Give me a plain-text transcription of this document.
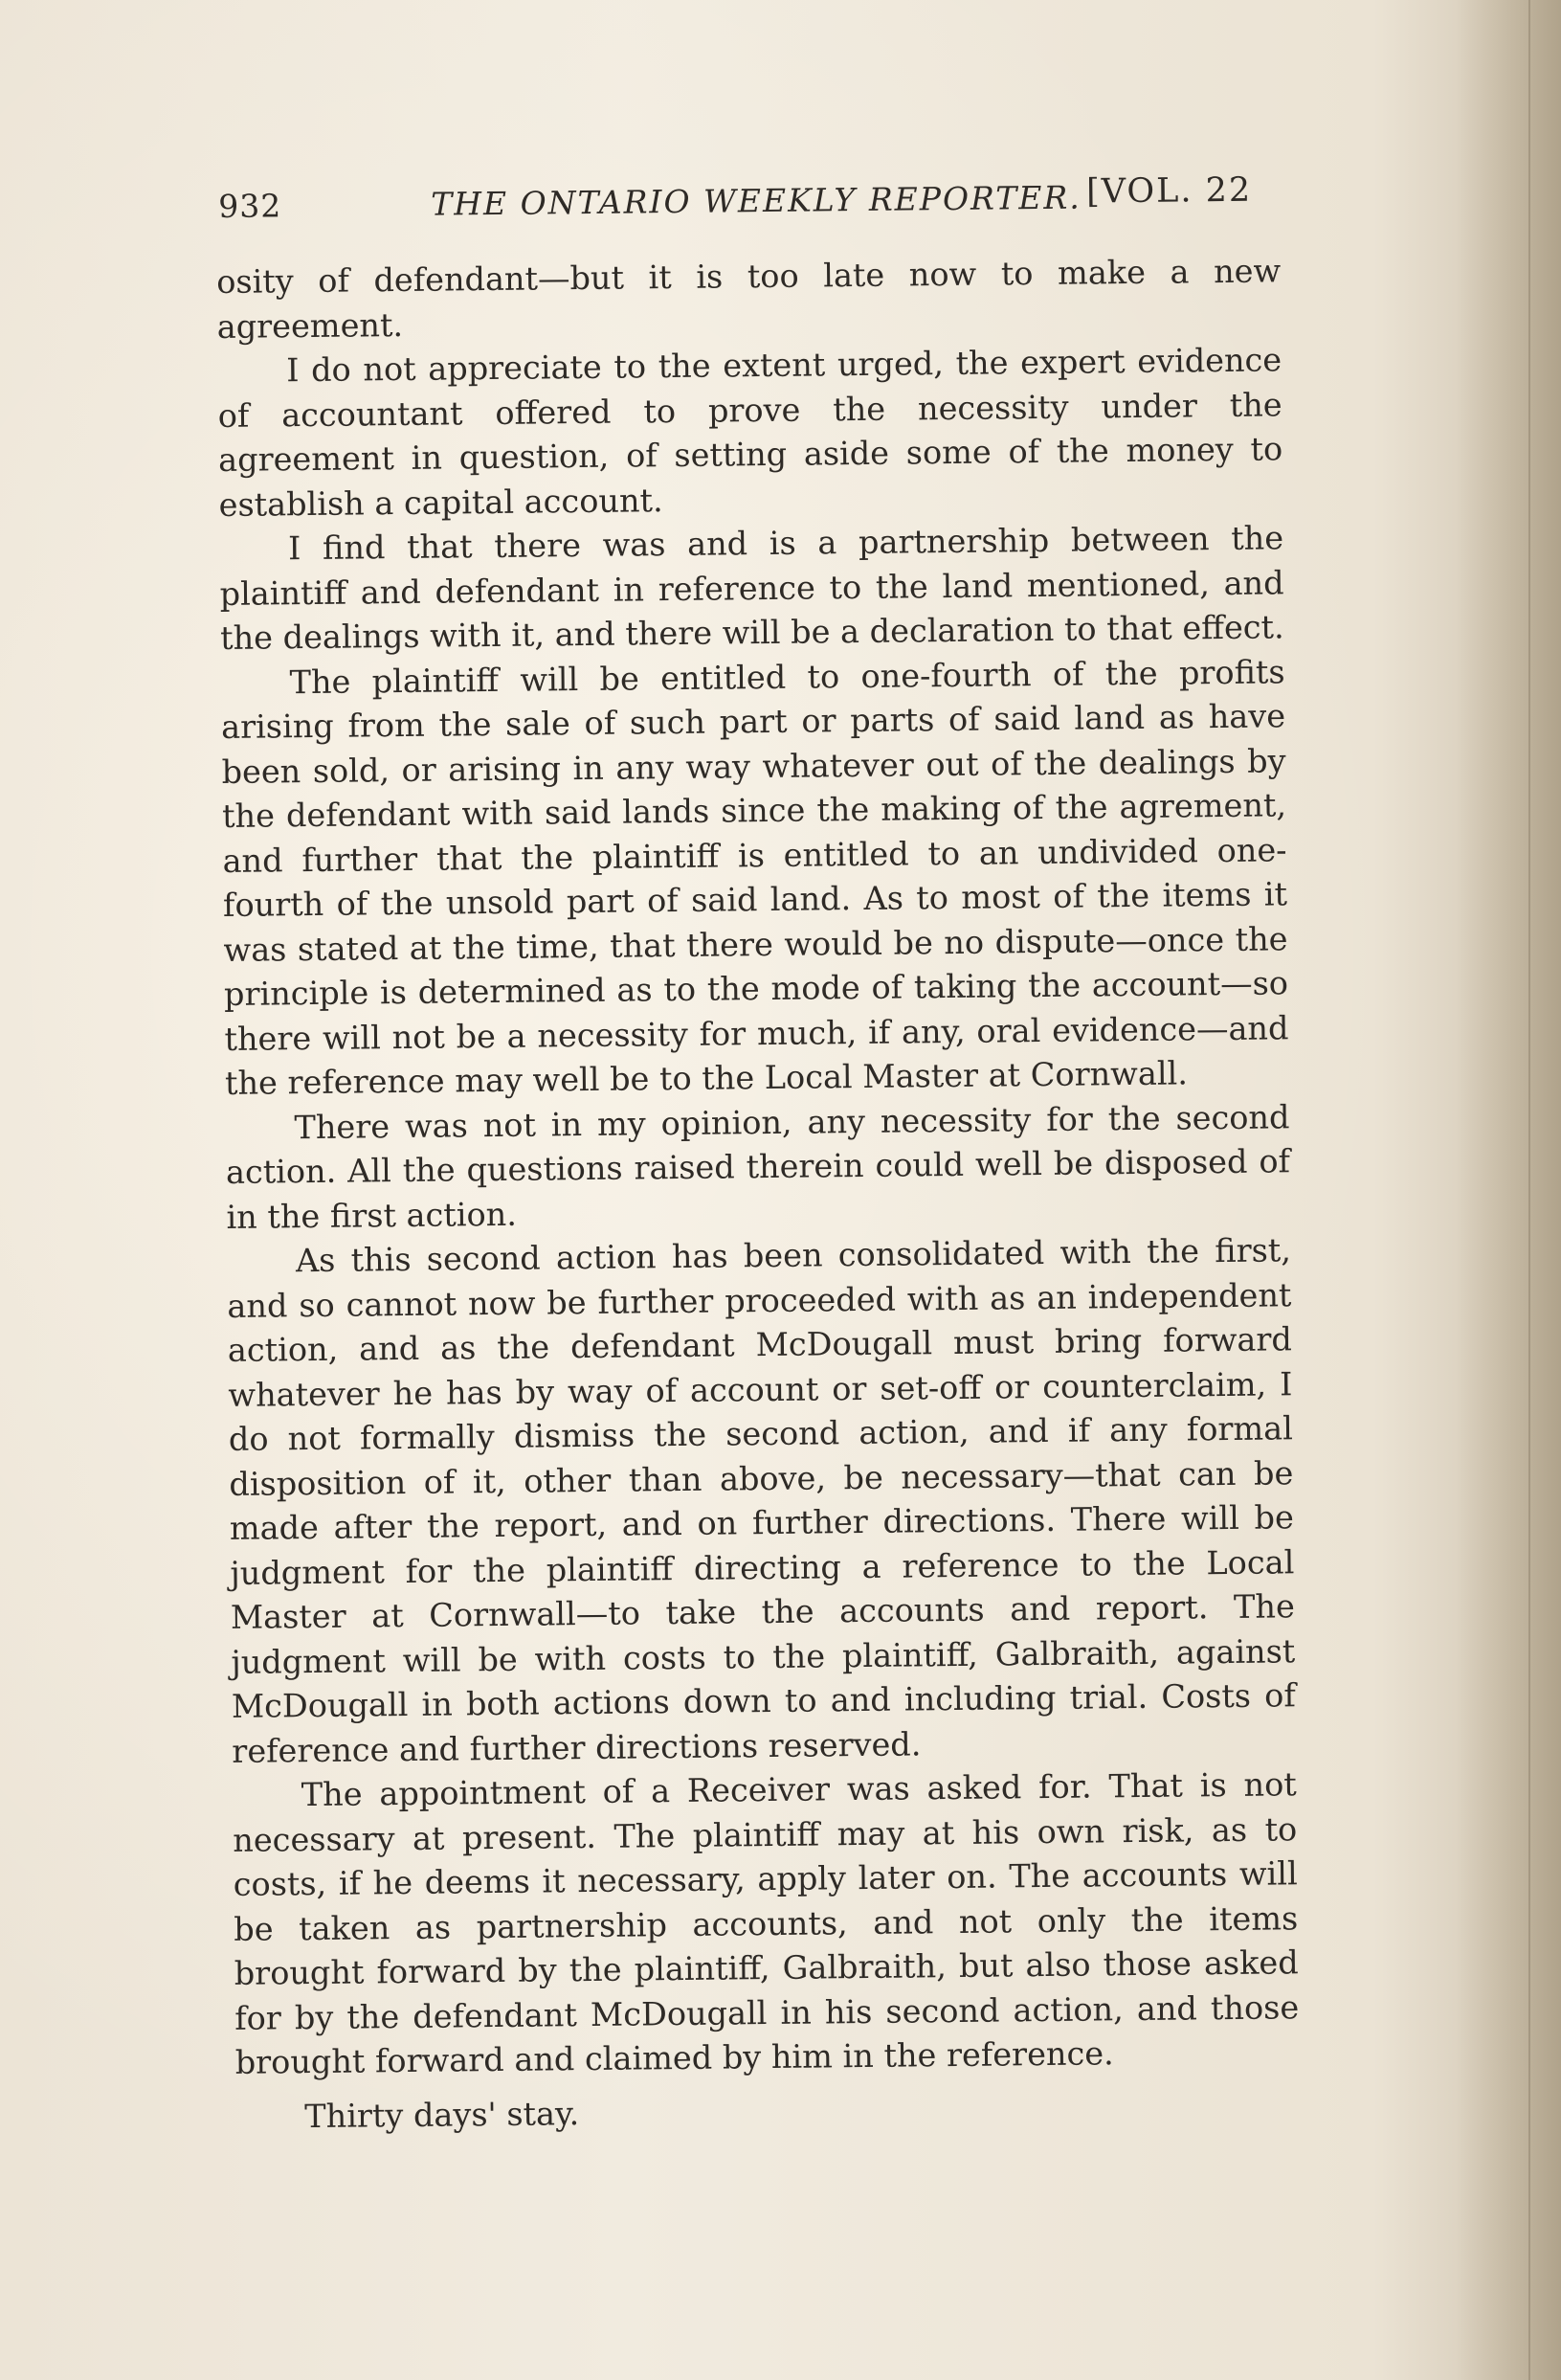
932	THE ONTARIO WEEKLY REPORTER. [VOL. 22

osity of defendant—but it is too late now to make a new agreement.

I do not appreciate to the extent urged, the expert evidence of accountant offered to prove the necessity under the agreement in question, of setting aside some of the money to establish a capital account.

I find that there was and is a partnership between the plaintiff and defendant in reference to the land mentioned, and the dealings with it, and there will be a declaration to that effect.

The plaintiff will be entitled to one-fourth of the profits arising from the sale of such part or parts of said land as have been sold, or arising in any way whatever out of the dealings by the defendant with said lands since the making of the agrement, and further that the plaintiff is entitled to an undivided one-fourth of the unsold part of said land. As to most of the items it was stated at the time, that there would be no dispute—once the principle is determined as to the mode of taking the account—so there will not be a necessity for much, if any, oral evidence—and the reference may well be to the Local Master at Cornwall.

There was not in my opinion, any necessity for the second action. All the questions raised therein could well be disposed of in the first action.

As this second action has been consolidated with the first, and so cannot now be further proceeded with as an independent action, and as the defendant McDougall must bring forward whatever he has by way of account or set-off or counterclaim, I do not formally dismiss the second action, and if any formal disposition of it, other than above, be necessary—that can be made after the report, and on further directions. There will be judgment for the plaintiff directing a reference to the Local Master at Cornwall—to take the accounts and report. The judgment will be with costs to the plaintiff, Galbraith, against McDougall in both actions down to and including trial. Costs of reference and further directions reserved.

The appointment of a Receiver was asked for. That is not necessary at present. The plaintiff may at his own risk, as to costs, if he deems it necessary, apply later on. The accounts will be taken as partnership accounts, and not only the items brought forward by the plaintiff, Galbraith, but also those asked for by the defendant McDougall in his second action, and those brought forward and claimed by him in the reference.

Thirty days' stay.
